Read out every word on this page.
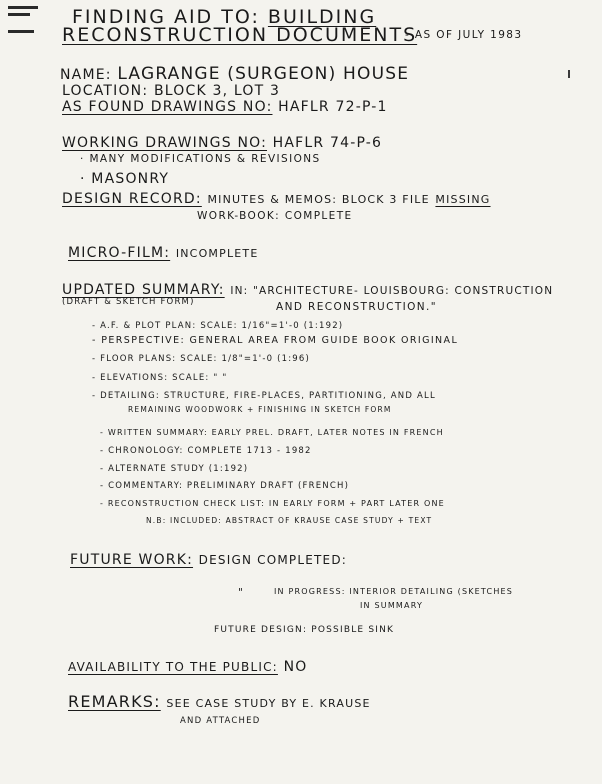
FINDING AID TO: BUILDING
RECONSTRUCTION DOCUMENTS
- AS OF JULY 1983
NAME: LAGRANGE (SURGEON) HOUSE
LOCATION: BLOCK 3, LOT 3
AS FOUND DRAWINGS NO: HAFLR 72-P-1
WORKING DRAWINGS NO: HAFLR 74-P-6
· MANY MODIFICATIONS & REVISIONS
· MASONRY
DESIGN RECORD: MINUTES & MEMOS: BLOCK 3 FILE MISSING
WORK-BOOK: COMPLETE
MICRO-FILM: INCOMPLETE
UPDATED SUMMARY: IN: "ARCHITECTURE- LOUISBOURG: CONSTRUCTION
(DRAFT & SKETCH FORM)	AND RECONSTRUCTION."
- A.F. & PLOT PLAN: SCALE: 1/16"=1'-0 (1:192)
- PERSPECTIVE: GENERAL AREA FROM GUIDE BOOK ORIGINAL
- FLOOR PLANS: SCALE: 1/8"=1'-0 (1:96)
- ELEVATIONS: SCALE: " "
- DETAILING: STRUCTURE, FIRE-PLACES, PARTITIONING, AND ALL
REMAINING WOODWORK + FINISHING IN SKETCH FORM
- WRITTEN SUMMARY: EARLY PREL. DRAFT, LATER NOTES IN FRENCH
- CHRONOLOGY: COMPLETE 1713 - 1982
- ALTERNATE STUDY (1:192)
- COMMENTARY: PRELIMINARY DRAFT (FRENCH)
- RECONSTRUCTION CHECK LIST: IN EARLY FORM + PART LATER ONE
N.B: INCLUDED: ABSTRACT OF KRAUSE CASE STUDY + TEXT
FUTURE WORK: DESIGN COMPLETED:
"	IN PROGRESS: INTERIOR DETAILING (SKETCHES
IN SUMMARY
FUTURE DESIGN: POSSIBLE SINK
AVAILABILITY TO THE PUBLIC: NO
REMARKS: SEE CASE STUDY BY E. KRAUSE
AND ATTACHED
